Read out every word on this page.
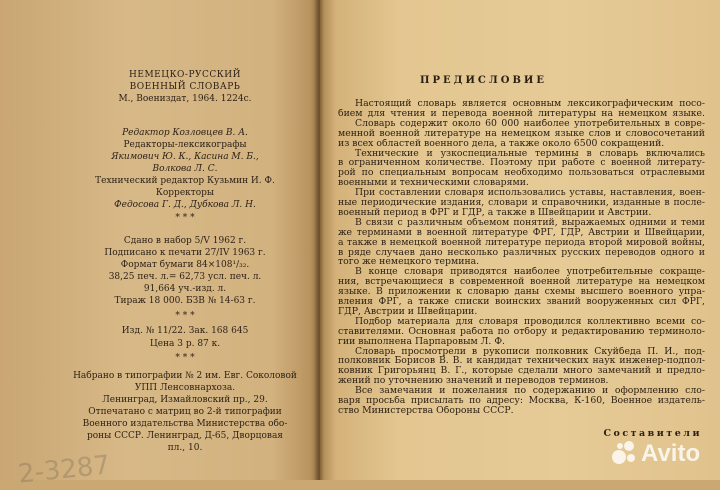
НЕМЕЦКО-РУССКИЙ
ВОЕННЫЙ СЛОВАРЬ
М., Воениздат, 1964. 1224с.
Редактор Козловцев В. А.
Редакторы-лексикографы
Якимович Ю. К., Касина М. Б.,
Волкова Л. С.
Технический редактор Кузьмин И. Ф.
Корректоры
Федосова Г. Д., Дубкова Л. Н.
* * *
Сдано в набор 5/V 1962 г.
Подписано к печати 27/IV 1963 г.
Формат бумаги 84×108¹/₃₂.
38,25 печ. л.= 62,73 усл. печ. л.
91,664 уч.-изд. л.
Тираж 18 000. БЗВ № 14-63 г.
* * *
Изд. № 11/22. Зак. 168 645
Цена 3 р. 87 к.
* * *
Набрано в типографии № 2 им. Евг. Соколовой
УПП Ленсовнархоза.
Ленинград, Измайловский пр., 29.
Отпечатано с матриц во 2-й типографии
Военного издательства Министерства обо-
роны СССР. Ленинград, Д-65, Дворцовая
пл., 10.
2-3287
ПРЕДИСЛОВИЕ
Настоящий словарь является основным лексикографическим посо-
бием для чтения и перевода военной литературы на немецком языке.
Словарь содержит около 60 000 наиболее употребительных в совре-
менной военной литературе на немецком языке слов и словосочетаний
из всех областей военного дела, а также около 6500 сокращений.
Технические и узкоспециальные термины в словарь включались
в ограниченном количестве. Поэтому при работе с военной литерату-
рой по специальным вопросам необходимо пользоваться отраслевыми
военными и техническими словарями.
При составлении словаря использовались уставы, наставления, воен-
ные периодические издания, словари и справочники, изданные в после-
военный период в ФРГ и ГДР, а также в Швейцарии и Австрии.
В связи с различным объемом понятий, выражаемых одними и теми
же терминами в военной литературе ФРГ, ГДР, Австрии и Швейцарии,
а также в немецкой военной литературе периода второй мировой войны,
в ряде случаев дано несколько различных русских переводов одного и
того же немецкого термина.
В конце словаря приводятся наиболее употребительные сокраще-
ния, встречающиеся в современной военной литературе на немецком
языке. В приложении к словарю даны схемы высшего военного упра-
вления ФРГ, а также списки воинских званий вооруженных сил ФРГ,
ГДР, Австрии и Швейцарии.
Подбор материала для словаря проводился коллективно всеми со-
ставителями. Основная работа по отбору и редактированию терминоло-
гии выполнена Парпаровым Л. Ф.
Словарь просмотрели в рукописи полковник Скуйбеда П. И., под-
полковник Борисов В. В. и кандидат технических наук инженер-подпол-
ковник Григорьянц В. Г., которые сделали много замечаний и предло-
жений по уточнению значений и переводов терминов.
Все замечания и пожелания по содержанию и оформлению сло-
варя просьба присылать по адресу: Москва, К-160, Военное издатель-
ство Министерства Обороны СССР.
Составители
Avito
